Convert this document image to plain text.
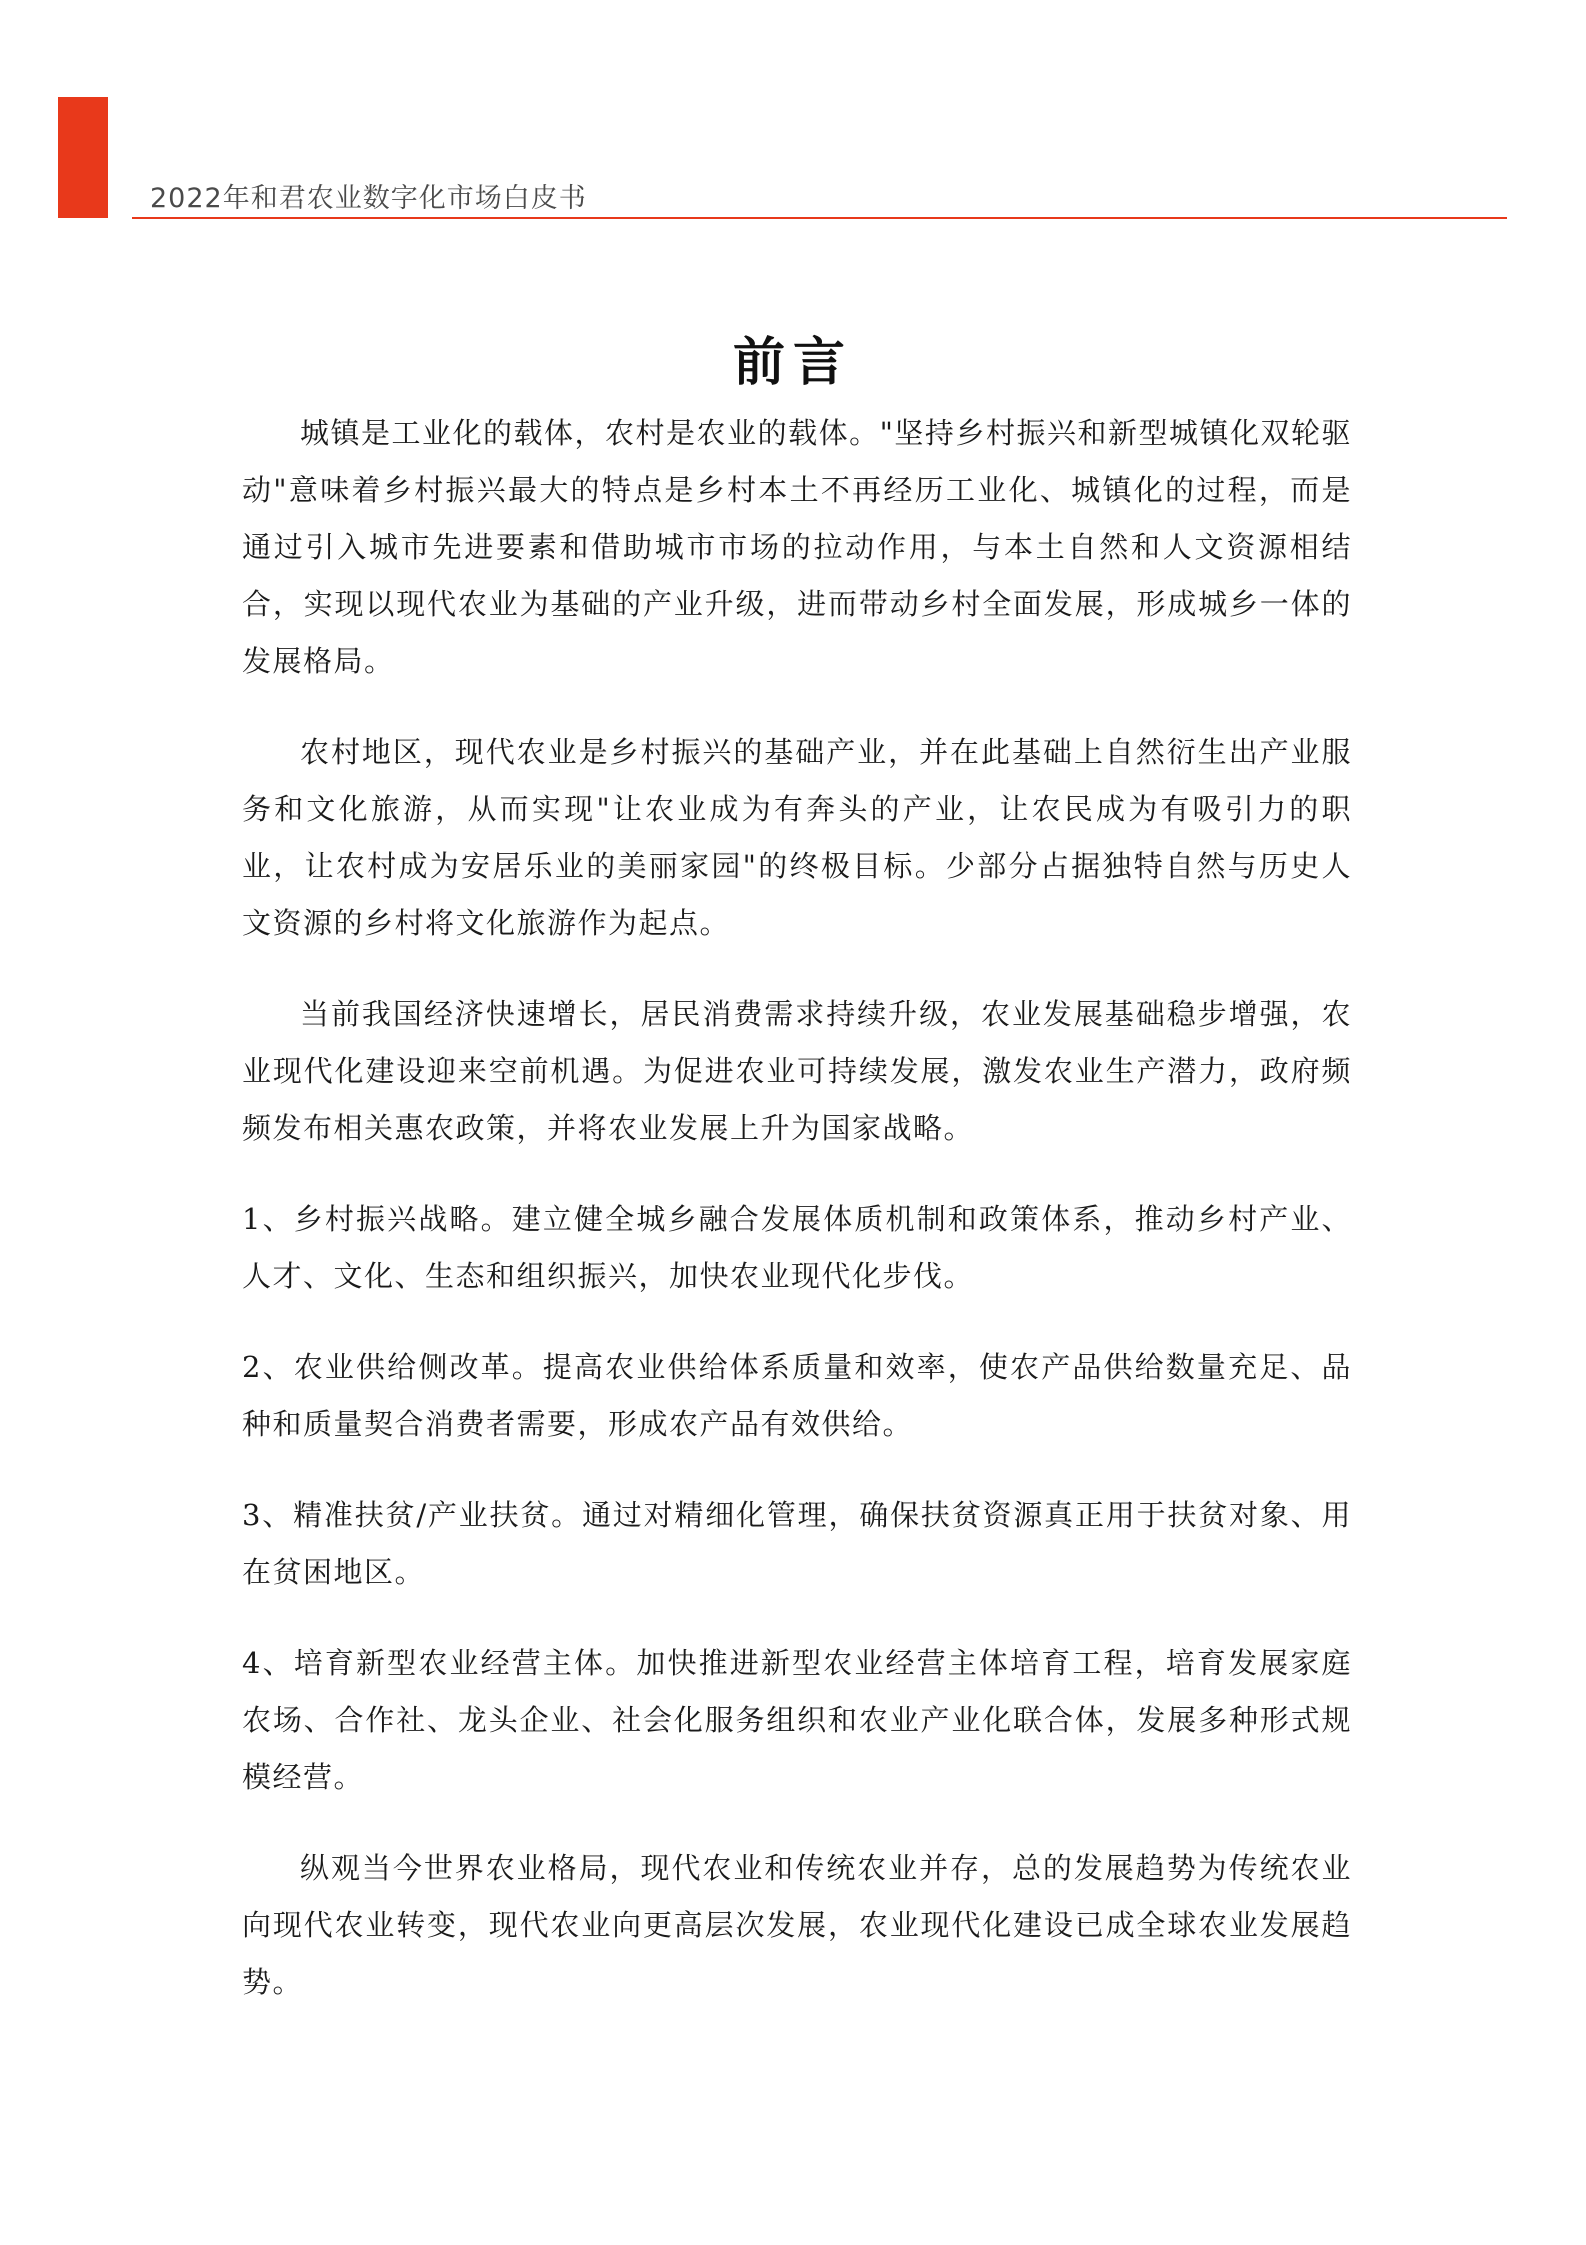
2022年和君农业数字化市场白皮书
前言

城镇是工业化的载体，农村是农业的载体。"坚持乡村振兴和新型城镇化双轮驱动"意味着乡村振兴最大的特点是乡村本土不再经历工业化、城镇化的过程，而是通过引入城市先进要素和借助城市市场的拉动作用，与本土自然和人文资源相结合，实现以现代农业为基础的产业升级，进而带动乡村全面发展，形成城乡一体的发展格局。

农村地区，现代农业是乡村振兴的基础产业，并在此基础上自然衍生出产业服务和文化旅游，从而实现"让农业成为有奔头的产业，让农民成为有吸引力的职业，让农村成为安居乐业的美丽家园"的终极目标。少部分占据独特自然与历史人文资源的乡村将文化旅游作为起点。

当前我国经济快速增长，居民消费需求持续升级，农业发展基础稳步增强，农业现代化建设迎来空前机遇。为促进农业可持续发展，激发农业生产潜力，政府频频发布相关惠农政策，并将农业发展上升为国家战略。

1、乡村振兴战略。建立健全城乡融合发展体质机制和政策体系，推动乡村产业、人才、文化、生态和组织振兴，加快农业现代化步伐。

2、农业供给侧改革。提高农业供给体系质量和效率，使农产品供给数量充足、品种和质量契合消费者需要，形成农产品有效供给。

3、精准扶贫/产业扶贫。通过对精细化管理，确保扶贫资源真正用于扶贫对象、用在贫困地区。

4、培育新型农业经营主体。加快推进新型农业经营主体培育工程，培育发展家庭农场、合作社、龙头企业、社会化服务组织和农业产业化联合体，发展多种形式规模经营。

纵观当今世界农业格局，现代农业和传统农业并存，总的发展趋势为传统农业向现代农业转变，现代农业向更高层次发展，农业现代化建设已成全球农业发展趋势。
